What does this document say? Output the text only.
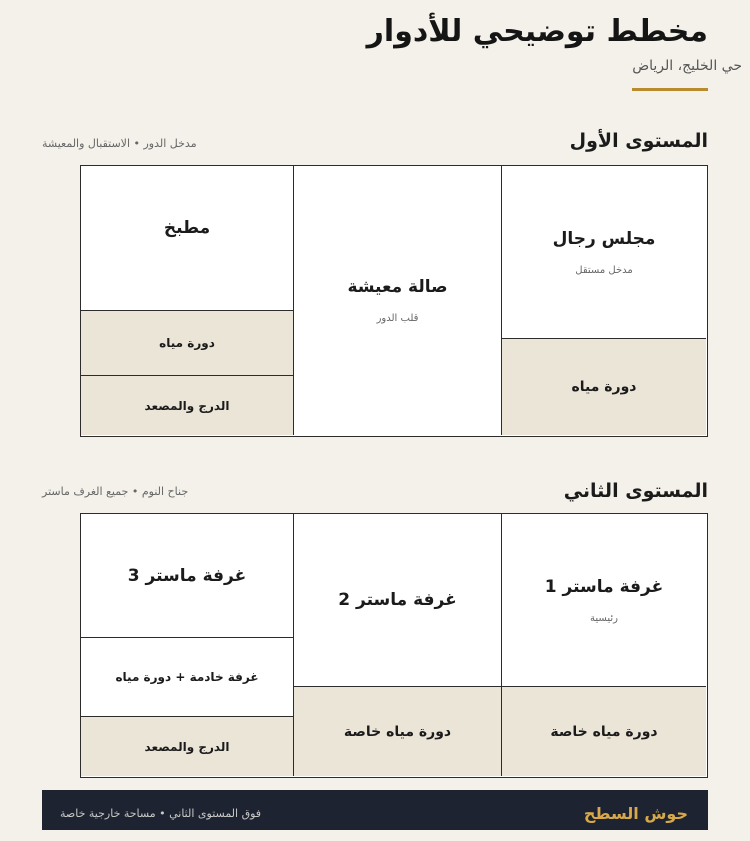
مخطط توضيحي للأدوار
حي الخليج، الرياض
المستوى الأول
مدخل الدور • الاستقبال والمعيشة
مجلس رجال
مدخل مستقل
دورة مياه
صالة معيشة
قلب الدور
مطبخ
دورة مياه
الدرج والمصعد
المستوى الثاني
جناح النوم • جميع الغرف ماستر
غرفة ماستر 1
رئيسية
دورة مياه خاصة
غرفة ماستر 2
دورة مياه خاصة
غرفة ماستر 3
غرفة خادمة + دورة مياه
الدرج والمصعد
حوش السطح
فوق المستوى الثاني • مساحة خارجية خاصة
